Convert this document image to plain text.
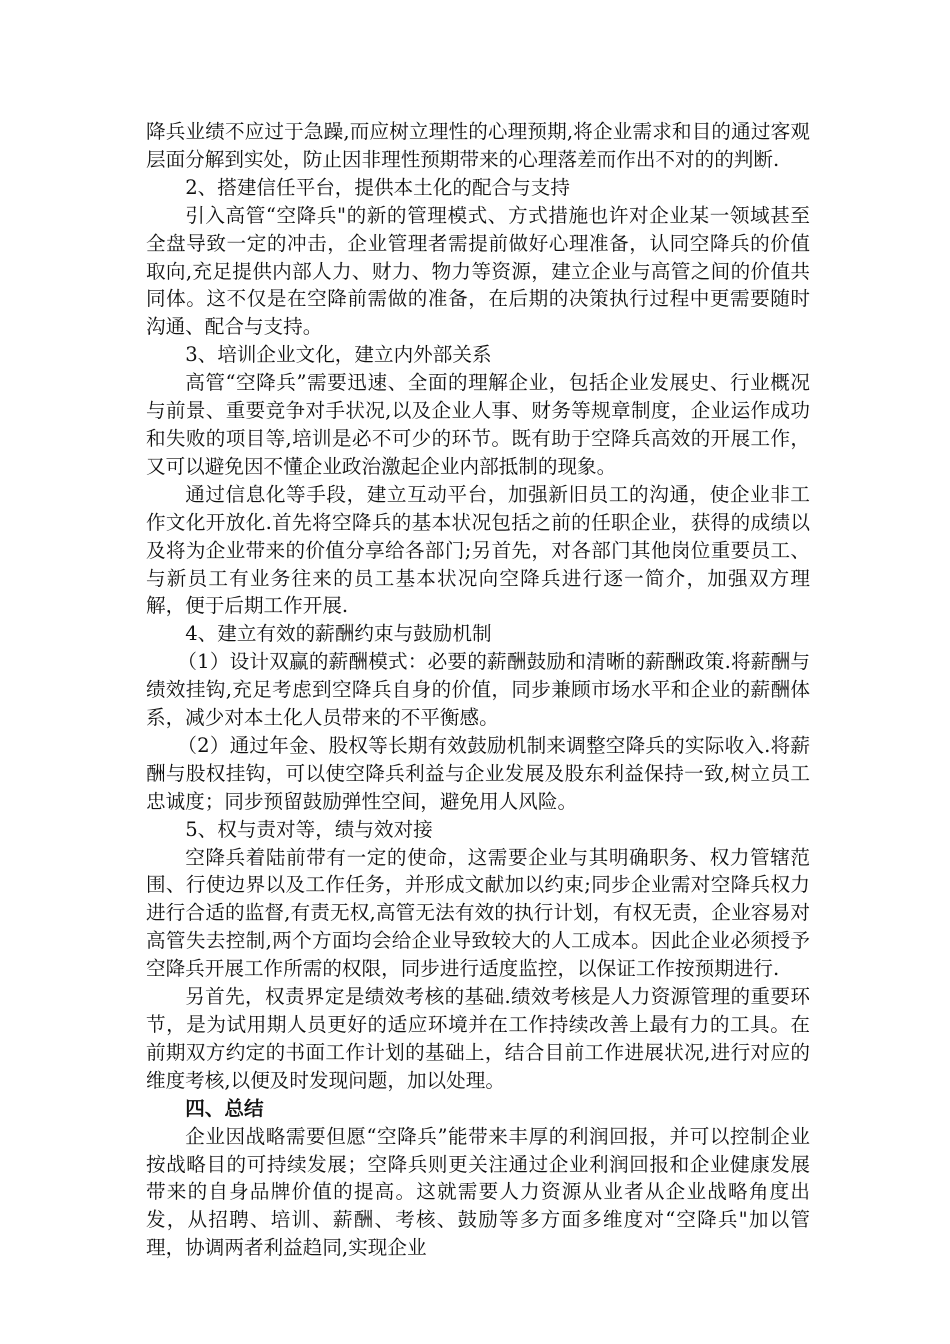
降兵业绩不应过于急躁,而应树立理性的心理预期,将企业需求和目的通过客观层面分解到实处，防止因非理性预期带来的心理落差而作出不对的的判断.

2、搭建信任平台，提供本土化的配合与支持

引入高管“空降兵"的新的管理模式、方式措施也许对企业某一领域甚至全盘导致一定的冲击，企业管理者需提前做好心理准备，认同空降兵的价值取向,充足提供内部人力、财力、物力等资源，建立企业与高管之间的价值共同体。这不仅是在空降前需做的准备，在后期的决策执行过程中更需要随时沟通、配合与支持。

3、培训企业文化，建立内外部关系

高管“空降兵”需要迅速、全面的理解企业，包括企业发展史、行业概况与前景、重要竞争对手状况,以及企业人事、财务等规章制度，企业运作成功和失败的项目等,培训是必不可少的环节。既有助于空降兵高效的开展工作，又可以避免因不懂企业政治激起企业内部抵制的现象。

通过信息化等手段，建立互动平台，加强新旧员工的沟通，使企业非工作文化开放化.首先将空降兵的基本状况包括之前的任职企业，获得的成绩以及将为企业带来的价值分享给各部门;另首先，对各部门其他岗位重要员工、与新员工有业务往来的员工基本状况向空降兵进行逐一简介，加强双方理解，便于后期工作开展.

4、建立有效的薪酬约束与鼓励机制

（1）设计双赢的薪酬模式：必要的薪酬鼓励和清晰的薪酬政策.将薪酬与绩效挂钩,充足考虑到空降兵自身的价值，同步兼顾市场水平和企业的薪酬体系，减少对本土化人员带来的不平衡感。

（2）通过年金、股权等长期有效鼓励机制来调整空降兵的实际收入.将薪酬与股权挂钩，可以使空降兵利益与企业发展及股东利益保持一致,树立员工忠诚度；同步预留鼓励弹性空间，避免用人风险。

5、权与责对等，绩与效对接

空降兵着陆前带有一定的使命，这需要企业与其明确职务、权力管辖范围、行使边界以及工作任务，并形成文献加以约束;同步企业需对空降兵权力进行合适的监督,有责无权,高管无法有效的执行计划，有权无责，企业容易对高管失去控制,两个方面均会给企业导致较大的人工成本。因此企业必须授予空降兵开展工作所需的权限，同步进行适度监控，以保证工作按预期进行.

另首先，权责界定是绩效考核的基础.绩效考核是人力资源管理的重要环节，是为试用期人员更好的适应环境并在工作持续改善上最有力的工具。在前期双方约定的书面工作计划的基础上，结合目前工作进展状况,进行对应的维度考核,以便及时发现问题，加以处理。

四、总结

企业因战略需要但愿“空降兵”能带来丰厚的利润回报，并可以控制企业按战略目的可持续发展；空降兵则更关注通过企业利润回报和企业健康发展带来的自身品牌价值的提高。这就需要人力资源从业者从企业战略角度出发，从招聘、培训、薪酬、考核、鼓励等多方面多维度对“空降兵"加以管理，协调两者利益趋同,实现企业
